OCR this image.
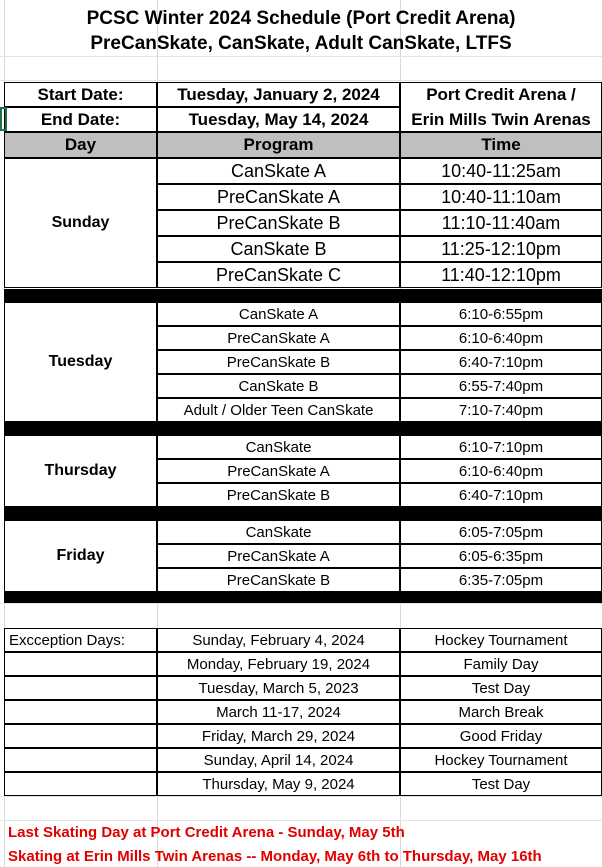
PCSC Winter 2024 Schedule (Port Credit Arena)
PreCanSkate, CanSkate, Adult CanSkate, LTFS
Start Date:	Tuesday, January 2, 2024
End Date:	Tuesday, May 14, 2024
Port Credit Arena /
Erin Mills Twin Arenas
Day	Program	Time
Sunday
CanSkate A	10:40-11:25am
PreCanSkate A	10:40-11:10am
PreCanSkate B	11:10-11:40am
CanSkate B	11:25-12:10pm
PreCanSkate C	11:40-12:10pm
Tuesday
CanSkate A	6:10-6:55pm
PreCanSkate A	6:10-6:40pm
PreCanSkate B	6:40-7:10pm
CanSkate B	6:55-7:40pm
Adult / Older Teen CanSkate	7:10-7:40pm
Thursday
CanSkate	6:10-7:10pm
PreCanSkate A	6:10-6:40pm
PreCanSkate B	6:40-7:10pm
Friday
CanSkate	6:05-7:05pm
PreCanSkate A	6:05-6:35pm
PreCanSkate B	6:35-7:05pm
Excception Days:	Sunday, February 4, 2024	Hockey Tournament
Monday, February 19, 2024	Family Day
Tuesday, March 5, 2023	Test Day
March 11-17, 2024	March Break
Friday, March 29, 2024	Good Friday
Sunday, April 14, 2024	Hockey Tournament
Thursday, May 9, 2024	Test Day
Last Skating Day at Port Credit Arena - Sunday, May 5th
Skating at Erin Mills Twin Arenas -- Monday, May 6th to Thursday, May 16th
